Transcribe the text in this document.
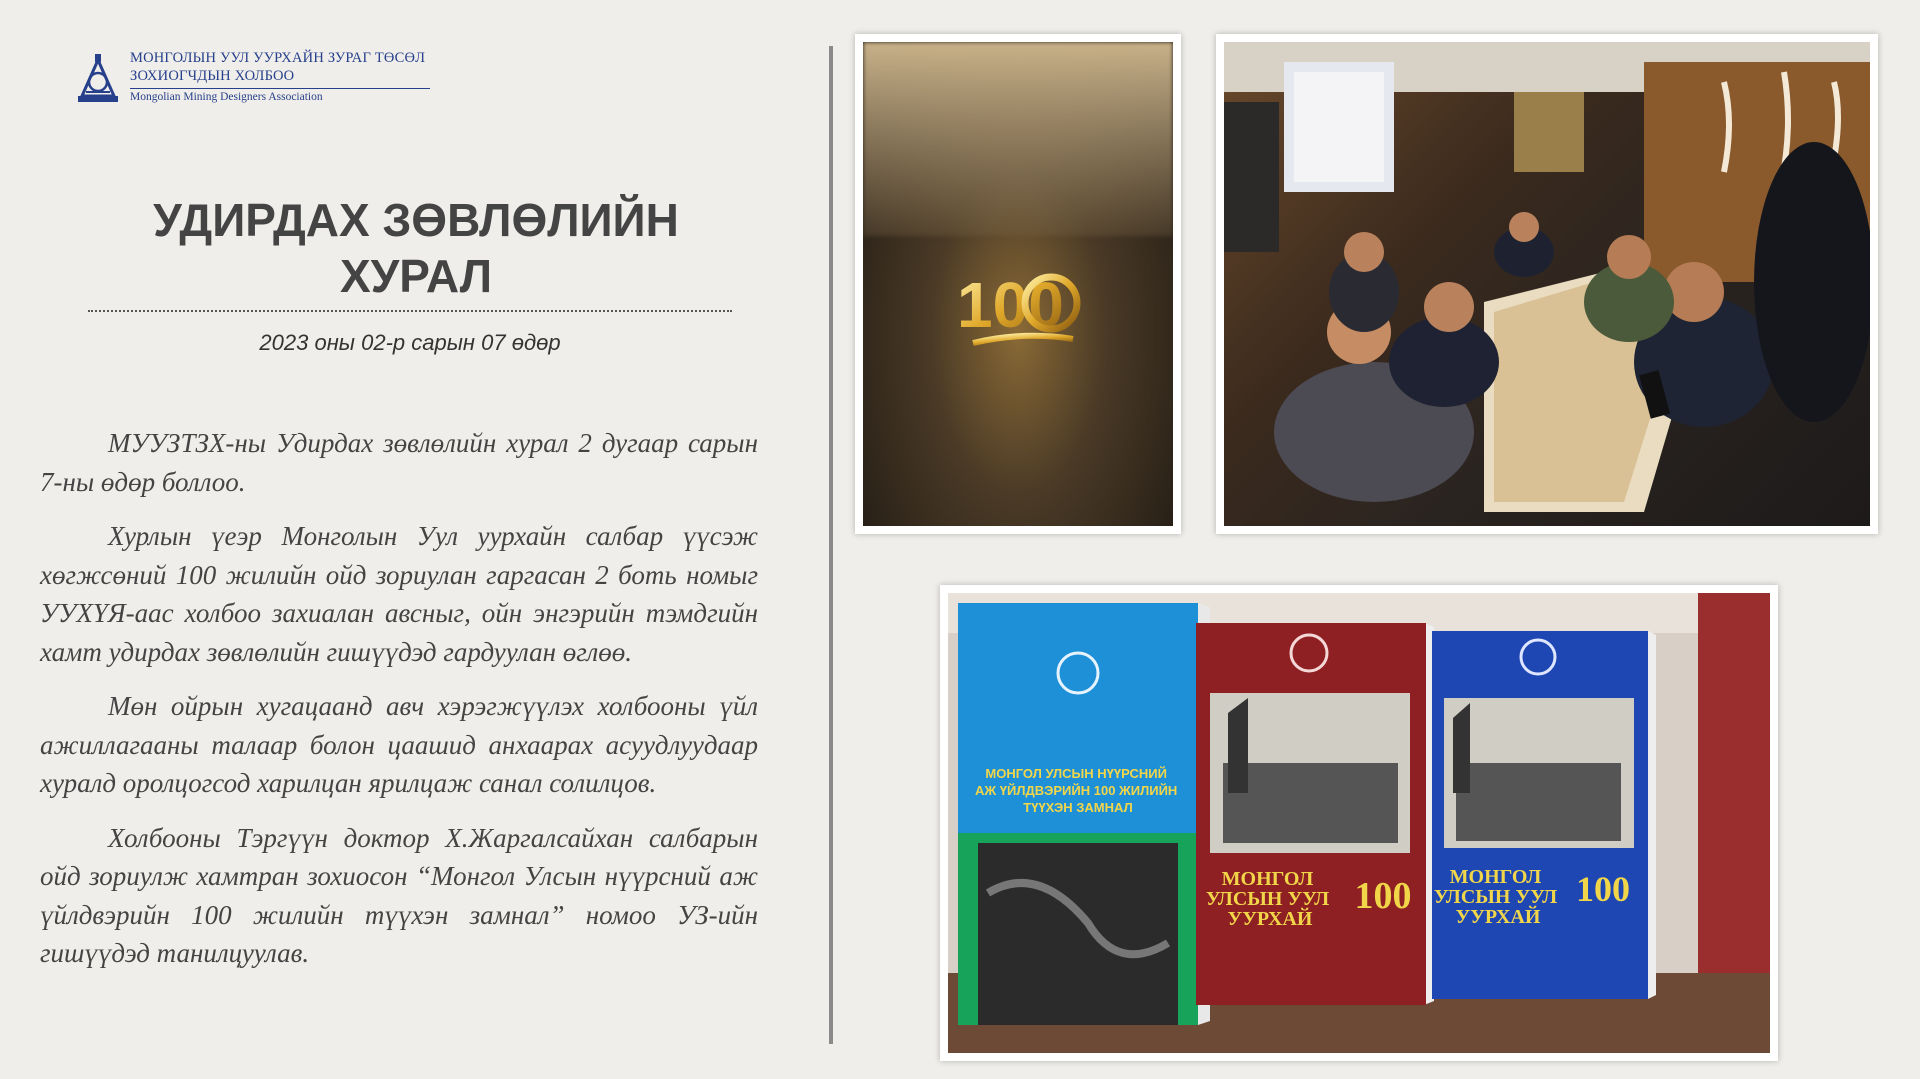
МОНГОЛЫН УУЛ УУРХАЙН ЗУРАГ ТӨСӨЛ
ЗОХИОГЧДЫН ХОЛБОО
Mongolian Mining Designers Association
УДИРДАХ ЗӨВЛӨЛИЙН ХУРАЛ
2023 оны 02-р сарын 07 өдөр

МУУЗТЗХ-ны Удирдах зөвлөлийн хурал 2 дугаар сарын 7-ны өдөр боллоо.

Хурлын үеэр Монголын Уул уурхайн салбар үүсэж хөгжсөний 100 жилийн ойд зориулан гаргасан 2 боть номыг УУХҮЯ-аас холбоо захиалан авсныг, ойн энгэрийн тэмдгийн хамт удирдах зөвлөлийн гишүүдэд гардуулан өглөө.

Мөн ойрын хугацаанд авч хэрэгжүүлэх холбооны үйл ажиллагааны талаар болон цаашид анхаарах асуудлуудаар хуралд оролцогсод харилцан ярилцаж санал солилцов.

Холбооны Тэргүүн доктор Х.Жаргалсайхан салбарын ойд зориулж хамтран зохиосон “Монгол Улсын нүүрсний аж үйлдвэрийн 100 жилийн түүхэн замнал” номоо УЗ-ийн гишүүдэд танилцуулав.

100
МОНГОЛ УЛСЫН НҮҮРСНИЙ АЖ ҮЙЛДВЭРИЙН 100 ЖИЛИЙН ТҮҮХЭН ЗАМНАЛ
МОНГОЛ УЛСЫН УУЛ УУРХАЙ
100	МОНГОЛ УЛСЫН УУЛ УУРХАЙ
100
